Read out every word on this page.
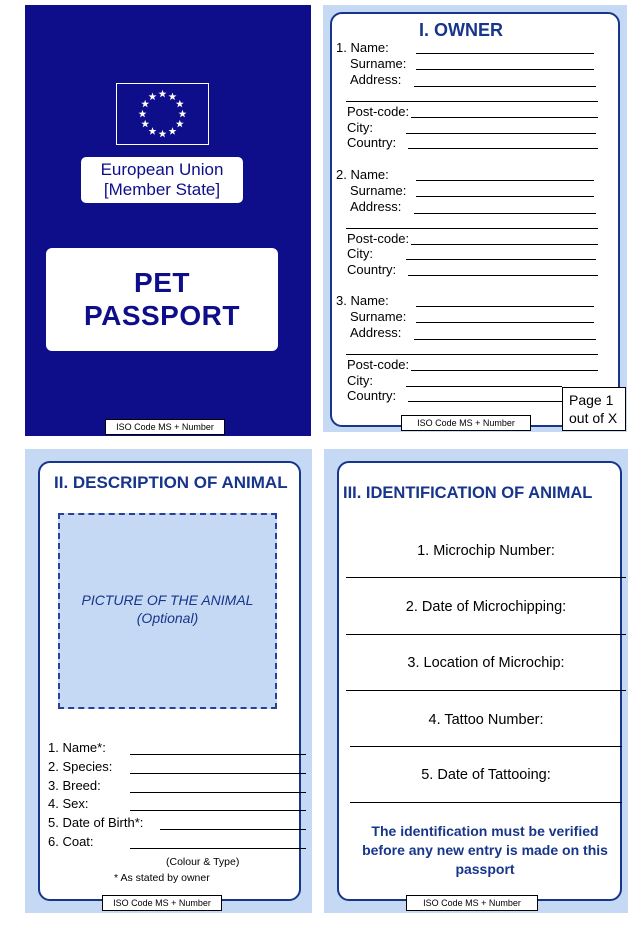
European Union
[Member State]
PET
PASSPORT
ISO Code MS + Number
I. OWNER
1. Name:
Surname:
Address:
Post-code:
City:
Country:
2. Name:
Surname:
Address:
Post-code:
City:
Country:
3. Name:
Surname:
Address:
Post-code:
City:
Country:	Page 1
out of X
ISO Code MS + Number
II. DESCRIPTION OF ANIMAL
PICTURE OF THE ANIMAL
(Optional)
1. Name*:
2. Species:
3. Breed:
4. Sex:
5. Date of Birth*:
6. Coat:
(Colour & Type)
* As stated by owner
ISO Code MS + Number
III. IDENTIFICATION OF ANIMAL
1. Microchip Number:
2. Date of Microchipping:
3. Location of Microchip:
4. Tattoo Number:
5. Date of Tattooing:
The identification must be verified
before any new entry is made on this
passport
ISO Code MS + Number
